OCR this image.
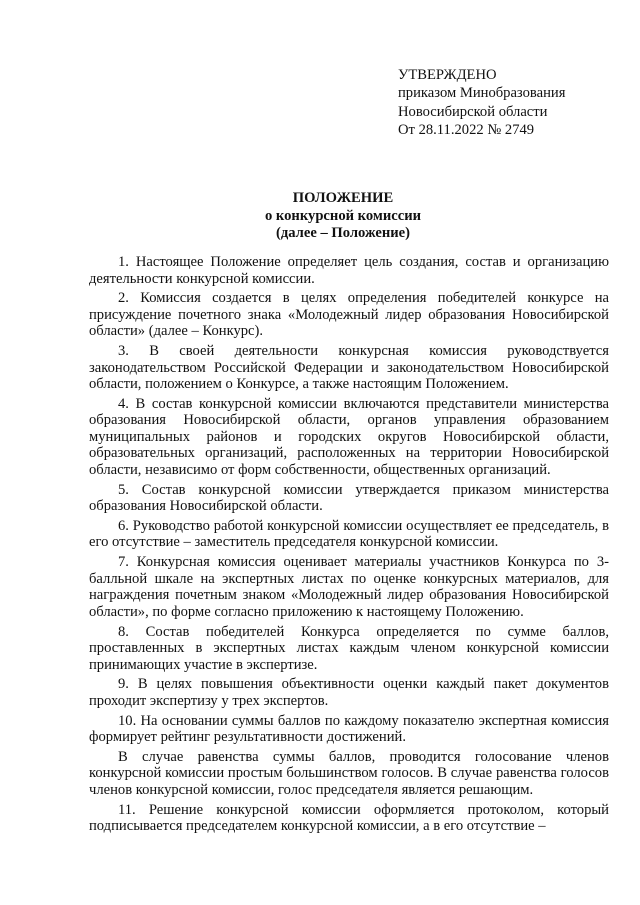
УТВЕРЖДЕНО
приказом Минобразования
Новосибирской области
От 28.11.2022 № 2749
ПОЛОЖЕНИЕ
о конкурсной комиссии
(далее – Положение)

1. Настоящее Положение определяет цель создания, состав и организацию деятельности конкурсной комиссии.

2. Комиссия создается в целях определения победителей конкурсе на присуждение почетного знака «Молодежный лидер образования Новосибирской области» (далее – Конкурс).

3. В своей деятельности конкурсная комиссия руководствуется законодательством Российской Федерации и законодательством Новосибирской области, положением о Конкурсе, а также настоящим Положением.

4. В состав конкурсной комиссии включаются представители министерства образования Новосибирской области, органов управления образованием муниципальных районов и городских округов Новосибирской области, образовательных организаций, расположенных на территории Новосибирской области, независимо от форм собственности, общественных организаций.

5. Состав конкурсной комиссии утверждается приказом министерства образования Новосибирской области.

6. Руководство работой конкурсной комиссии осуществляет ее председатель, в его отсутствие – заместитель председателя конкурсной комиссии.

7. Конкурсная комиссия оценивает материалы участников Конкурса по 3-балльной шкале на экспертных листах по оценке конкурсных материалов, для награждения почетным знаком «Молодежный лидер образования Новосибирской области», по форме согласно приложению к настоящему Положению.

8. Состав победителей Конкурса определяется по сумме баллов, проставленных в экспертных листах каждым членом конкурсной комиссии принимающих участие в экспертизе.

9. В целях повышения объективности оценки каждый пакет документов проходит экспертизу у трех экспертов.

10. На основании суммы баллов по каждому показателю экспертная комиссия формирует рейтинг результативности достижений.

В случае равенства суммы баллов, проводится голосование членов конкурсной комиссии простым большинством голосов. В случае равенства голосов членов конкурсной комиссии, голос председателя является решающим.

11. Решение конкурсной комиссии оформляется протоколом, который подписывается председателем конкурсной комиссии, а в его отсутствие –
